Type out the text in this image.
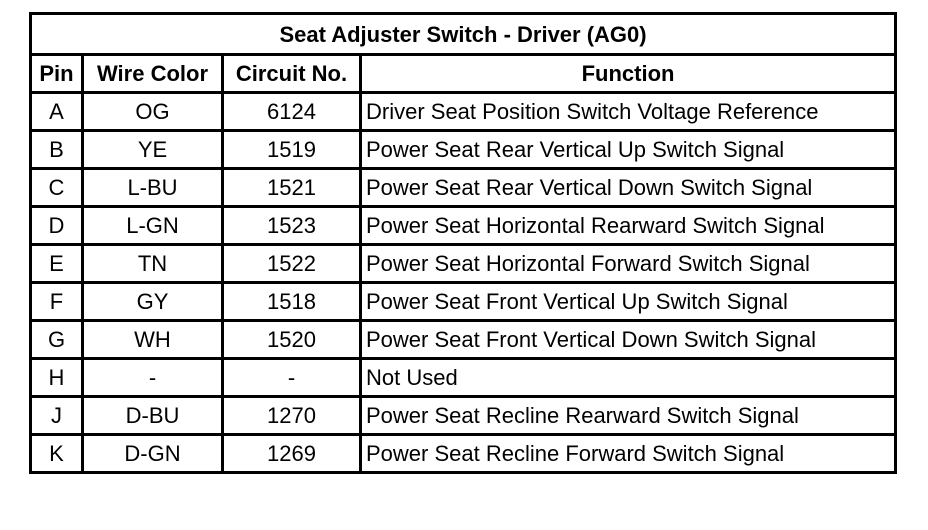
Seat Adjuster Switch - Driver (AG0)			
Pin	Wire Color	Circuit No.	Function
A	OG	6124	Driver Seat Position Switch Voltage Reference
B	YE	1519	Power Seat Rear Vertical Up Switch Signal
C	L-BU	1521	Power Seat Rear Vertical Down Switch Signal
D	L-GN	1523	Power Seat Horizontal Rearward Switch Signal
E	TN	1522	Power Seat Horizontal Forward Switch Signal
F	GY	1518	Power Seat Front Vertical Up Switch Signal
G	WH	1520	Power Seat Front Vertical Down Switch Signal
H	-	-	Not Used
J	D-BU	1270	Power Seat Recline Rearward Switch Signal
K	D-GN	1269	Power Seat Recline Forward Switch Signal
